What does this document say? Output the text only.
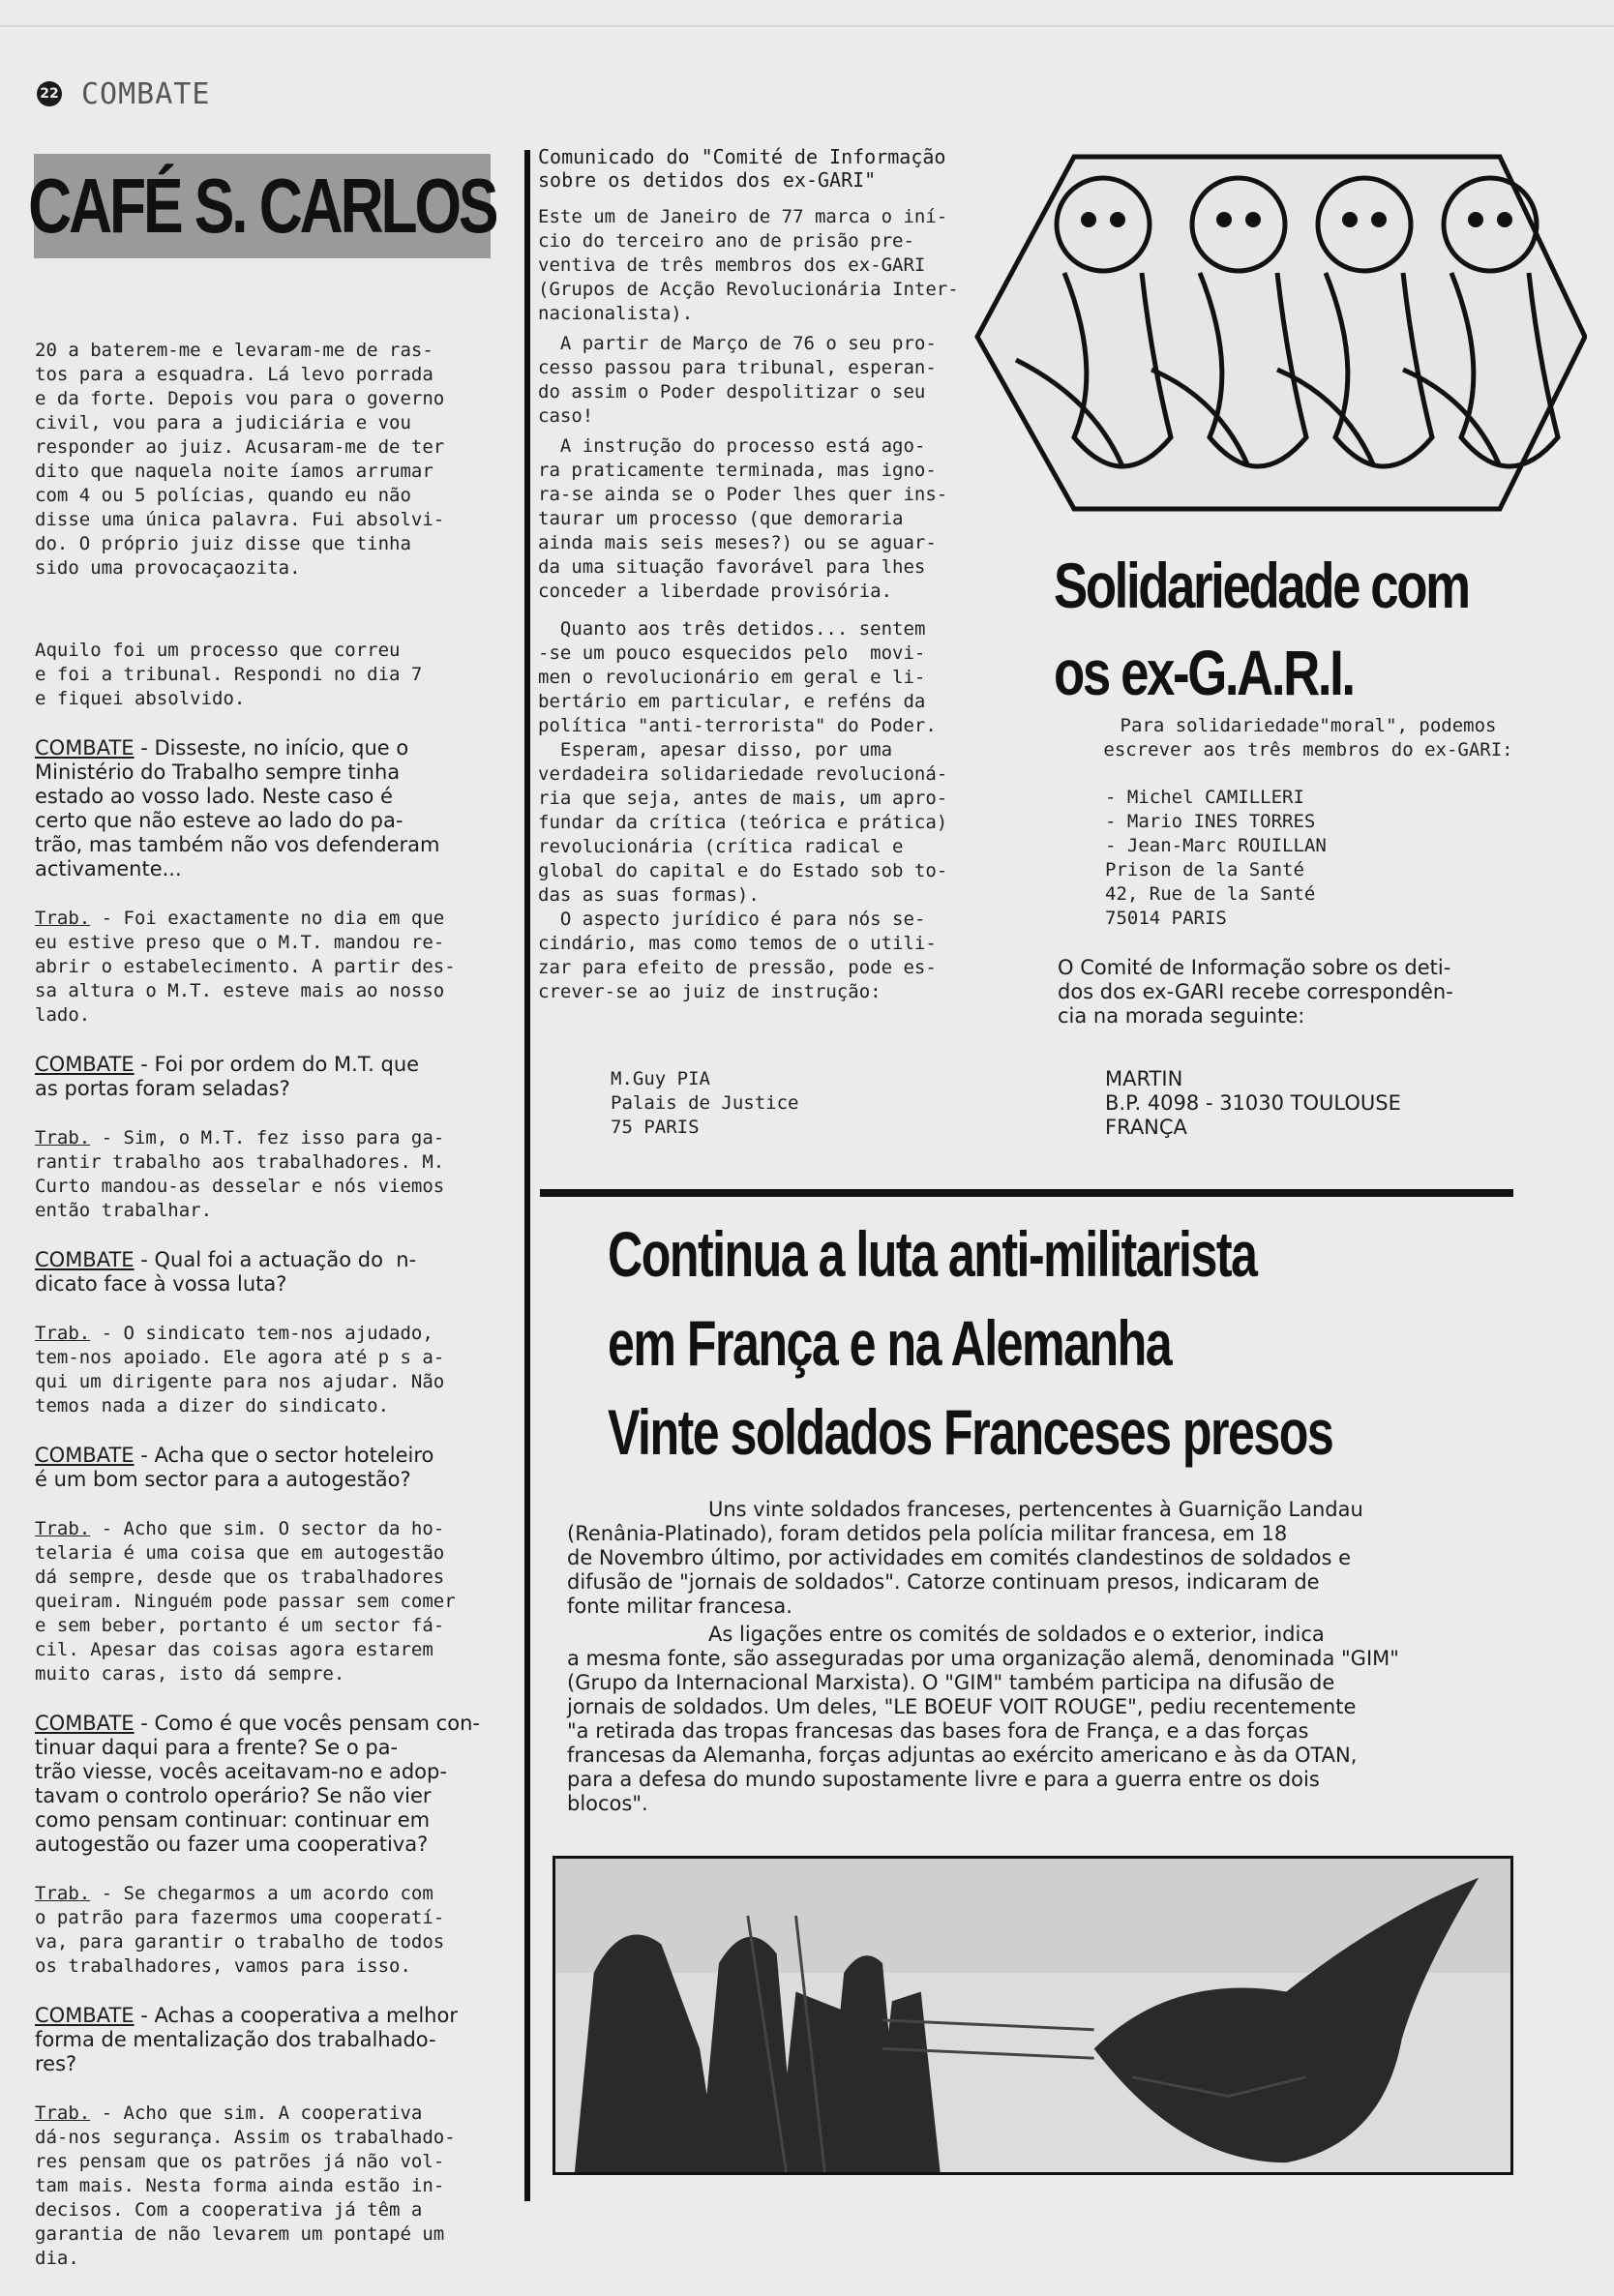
22 COMBATE
CAFÉ S. CARLOS
20 a baterem-me e levaram-me de ras-
tos para a esquadra. Lá levo porrada
e da forte. Depois vou para o governo
civil, vou para a judiciária e vou
responder ao juiz. Acusaram-me de ter
dito que naquela noite íamos arrumar
com 4 ou 5 polícias, quando eu não
disse uma única palavra. Fui absolvi-
do. O próprio juiz disse que tinha
sido uma provocaçaozita.
Aquilo foi um processo que correu
e foi a tribunal. Respondi no dia 7
e fiquei absolvido.
COMBATE - Disseste, no início, que o
Ministério do Trabalho sempre tinha
estado ao vosso lado. Neste caso é
certo que não esteve ao lado do pa-
trão, mas também não vos defenderam
activamente...
Trab. - Foi exactamente no dia em que
eu estive preso que o M.T. mandou re-
abrir o estabelecimento. A partir des-
sa altura o M.T. esteve mais ao nosso
lado.
COMBATE - Foi por ordem do M.T. que
as portas foram seladas?
Trab. - Sim, o M.T. fez isso para ga-
rantir trabalho aos trabalhadores. M.
Curto mandou-as desselar e nós viemos
então trabalhar.
COMBATE - Qual foi a actuação do  n-
dicato face à vossa luta?
Trab. - O sindicato tem-nos ajudado,
tem-nos apoiado. Ele agora até p s a-
qui um dirigente para nos ajudar. Não
temos nada a dizer do sindicato.
COMBATE - Acha que o sector hoteleiro
é um bom sector para a autogestão?
Trab. - Acho que sim. O sector da ho-
telaria é uma coisa que em autogestão
dá sempre, desde que os trabalhadores
queiram. Ninguém pode passar sem comer
e sem beber, portanto é um sector fá-
cil. Apesar das coisas agora estarem
muito caras, isto dá sempre.
COMBATE - Como é que vocês pensam con-
tinuar daqui para a frente? Se o pa-
trão viesse, vocês aceitavam-no e adop-
tavam o controlo operário? Se não vier
como pensam continuar: continuar em
autogestão ou fazer uma cooperativa?
Trab. - Se chegarmos a um acordo com
o patrão para fazermos uma cooperatí-
va, para garantir o trabalho de todos
os trabalhadores, vamos para isso.
COMBATE - Achas a cooperativa a melhor
forma de mentalização dos trabalhado-
res?
Trab. - Acho que sim. A cooperativa
dá-nos segurança. Assim os trabalhado-
res pensam que os patrões já não vol-
tam mais. Nesta forma ainda estão in-
decisos. Com a cooperativa já têm a
garantia de não levarem um pontapé um
dia.
Comunicado do "Comité de Informação
sobre os detidos dos ex-GARI"
Este um de Janeiro de 77 marca o iní-
cio do terceiro ano de prisão pre-
ventiva de três membros dos ex-GARI
(Grupos de Acção Revolucionária Inter-
nacionalista).
A partir de Março de 76 o seu pro-
cesso passou para tribunal, esperan-
do assim o Poder despolitizar o seu
caso!
A instrução do processo está ago-
ra praticamente terminada, mas igno-
ra-se ainda se o Poder lhes quer ins-
taurar um processo (que demoraria
ainda mais seis meses?) ou se aguar-
da uma situação favorável para lhes
conceder a liberdade provisória.
Quanto aos três detidos... sentem
-se um pouco esquecidos pelo  movi-
men o revolucionário em geral e li-
bertário em particular, e reféns da
política "anti-terrorista" do Poder.
Esperam, apesar disso, por uma
verdadeira solidariedade revolucioná-
ria que seja, antes de mais, um apro-
fundar da crítica (teórica e prática)
revolucionária (crítica radical e
global do capital e do Estado sob to-
das as suas formas).
O aspecto jurídico é para nós se-
cindário, mas como temos de o utili-
zar para efeito de pressão, pode es-
crever-se ao juiz de instrução:
M.Guy PIA
Palais de Justice
75 PARIS
Solidariedade com
os ex-G.A.R.I.
Para solidariedade"moral", podemos
escrever aos três membros do ex-GARI:
- Michel CAMILLERI
- Mario INES TORRES
- Jean-Marc ROUILLAN
Prison de la Santé
42, Rue de la Santé
75014 PARIS
O Comité de Informação sobre os deti-
dos dos ex-GARI recebe correspondên-
cia na morada seguinte:
MARTIN
B.P. 4098 - 31030 TOULOUSE
FRANÇA
Continua a luta anti-militarista
em França e na Alemanha
Vinte soldados Franceses presos
Uns vinte soldados franceses, pertencentes à Guarnição Landau
(Renânia-Platinado), foram detidos pela polícia militar francesa, em 18
de Novembro último, por actividades em comités clandestinos de soldados e
difusão de "jornais de soldados". Catorze continuam presos, indicaram de
fonte militar francesa.
As ligações entre os comités de soldados e o exterior, indica
a mesma fonte, são asseguradas por uma organização alemã, denominada "GIM"
(Grupo da Internacional Marxista). O "GIM" também participa na difusão de
jornais de soldados. Um deles, "LE BOEUF VOIT ROUGE", pediu recentemente
"a retirada das tropas francesas das bases fora de França, e a das forças
francesas da Alemanha, forças adjuntas ao exército americano e às da OTAN,
para a defesa do mundo supostamente livre e para a guerra entre os dois
blocos".
